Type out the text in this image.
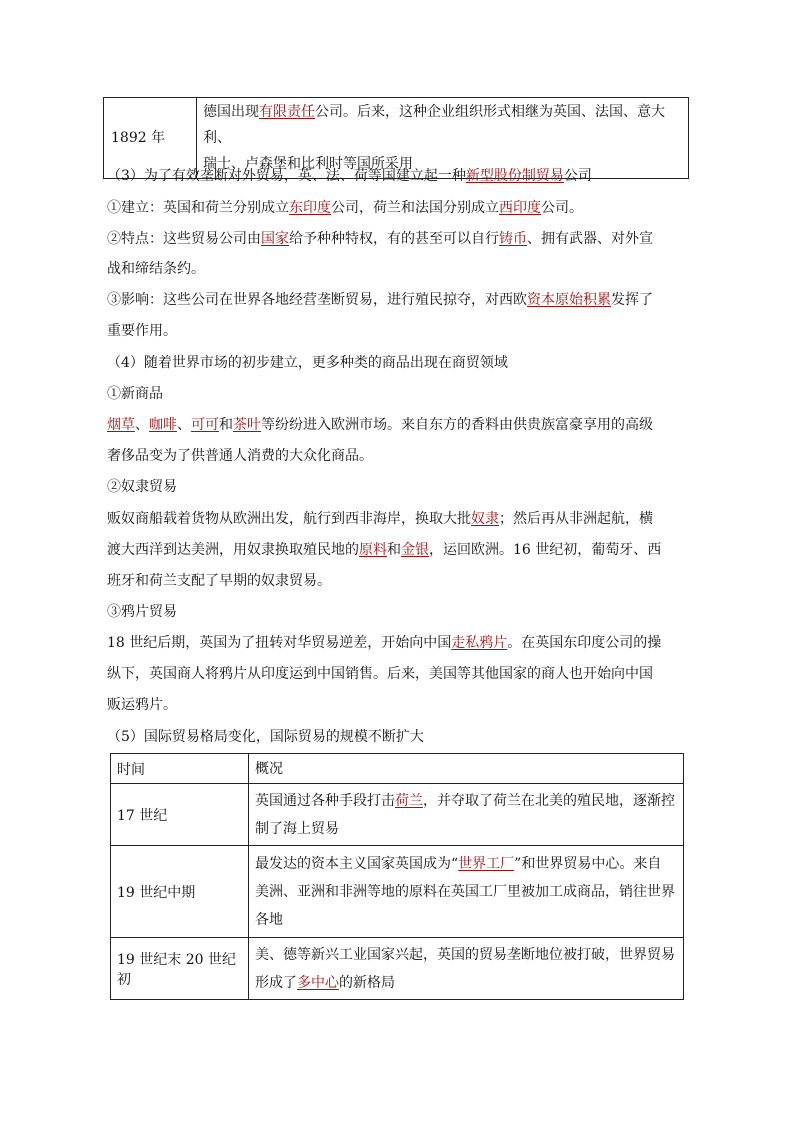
1892 年	德国出现有限责任公司。后来，这种企业组织形式相继为英国、法国、意大利、
瑞士、卢森堡和比利时等国所采用
（3）为了有效垄断对外贸易，英、法、荷等国建立起一种新型股份制贸易公司
①建立：英国和荷兰分别成立东印度公司，荷兰和法国分别成立西印度公司。
②特点：这些贸易公司由国家给予种种特权，有的甚至可以自行铸币、拥有武器、对外宣
战和缔结条约。
③影响：这些公司在世界各地经营垄断贸易，进行殖民掠夺，对西欧资本原始积累发挥了
重要作用。
（4）随着世界市场的初步建立，更多种类的商品出现在商贸领域
①新商品
烟草、咖啡、可可和茶叶等纷纷进入欧洲市场。来自东方的香料由供贵族富豪享用的高级
奢侈品变为了供普通人消费的大众化商品。
②奴隶贸易
贩奴商船载着货物从欧洲出发，航行到西非海岸，换取大批奴隶；然后再从非洲起航，横
渡大西洋到达美洲，用奴隶换取殖民地的原料和金银，运回欧洲。16 世纪初，葡萄牙、西
班牙和荷兰支配了早期的奴隶贸易。
③鸦片贸易
18 世纪后期，英国为了扭转对华贸易逆差，开始向中国走私鸦片。在英国东印度公司的操
纵下，英国商人将鸦片从印度运到中国销售。后来，美国等其他国家的商人也开始向中国
贩运鸦片。
（5）国际贸易格局变化，国际贸易的规模不断扩大
时间	概况
17 世纪	英国通过各种手段打击荷兰，并夺取了荷兰在北美的殖民地，逐渐控
制了海上贸易
19 世纪中期	最发达的资本主义国家英国成为“世界工厂”和世界贸易中心。来自
美洲、亚洲和非洲等地的原料在英国工厂里被加工成商品，销往世界
各地
19 世纪末 20 世纪初	美、德等新兴工业国家兴起，英国的贸易垄断地位被打破，世界贸易
形成了多中心的新格局
